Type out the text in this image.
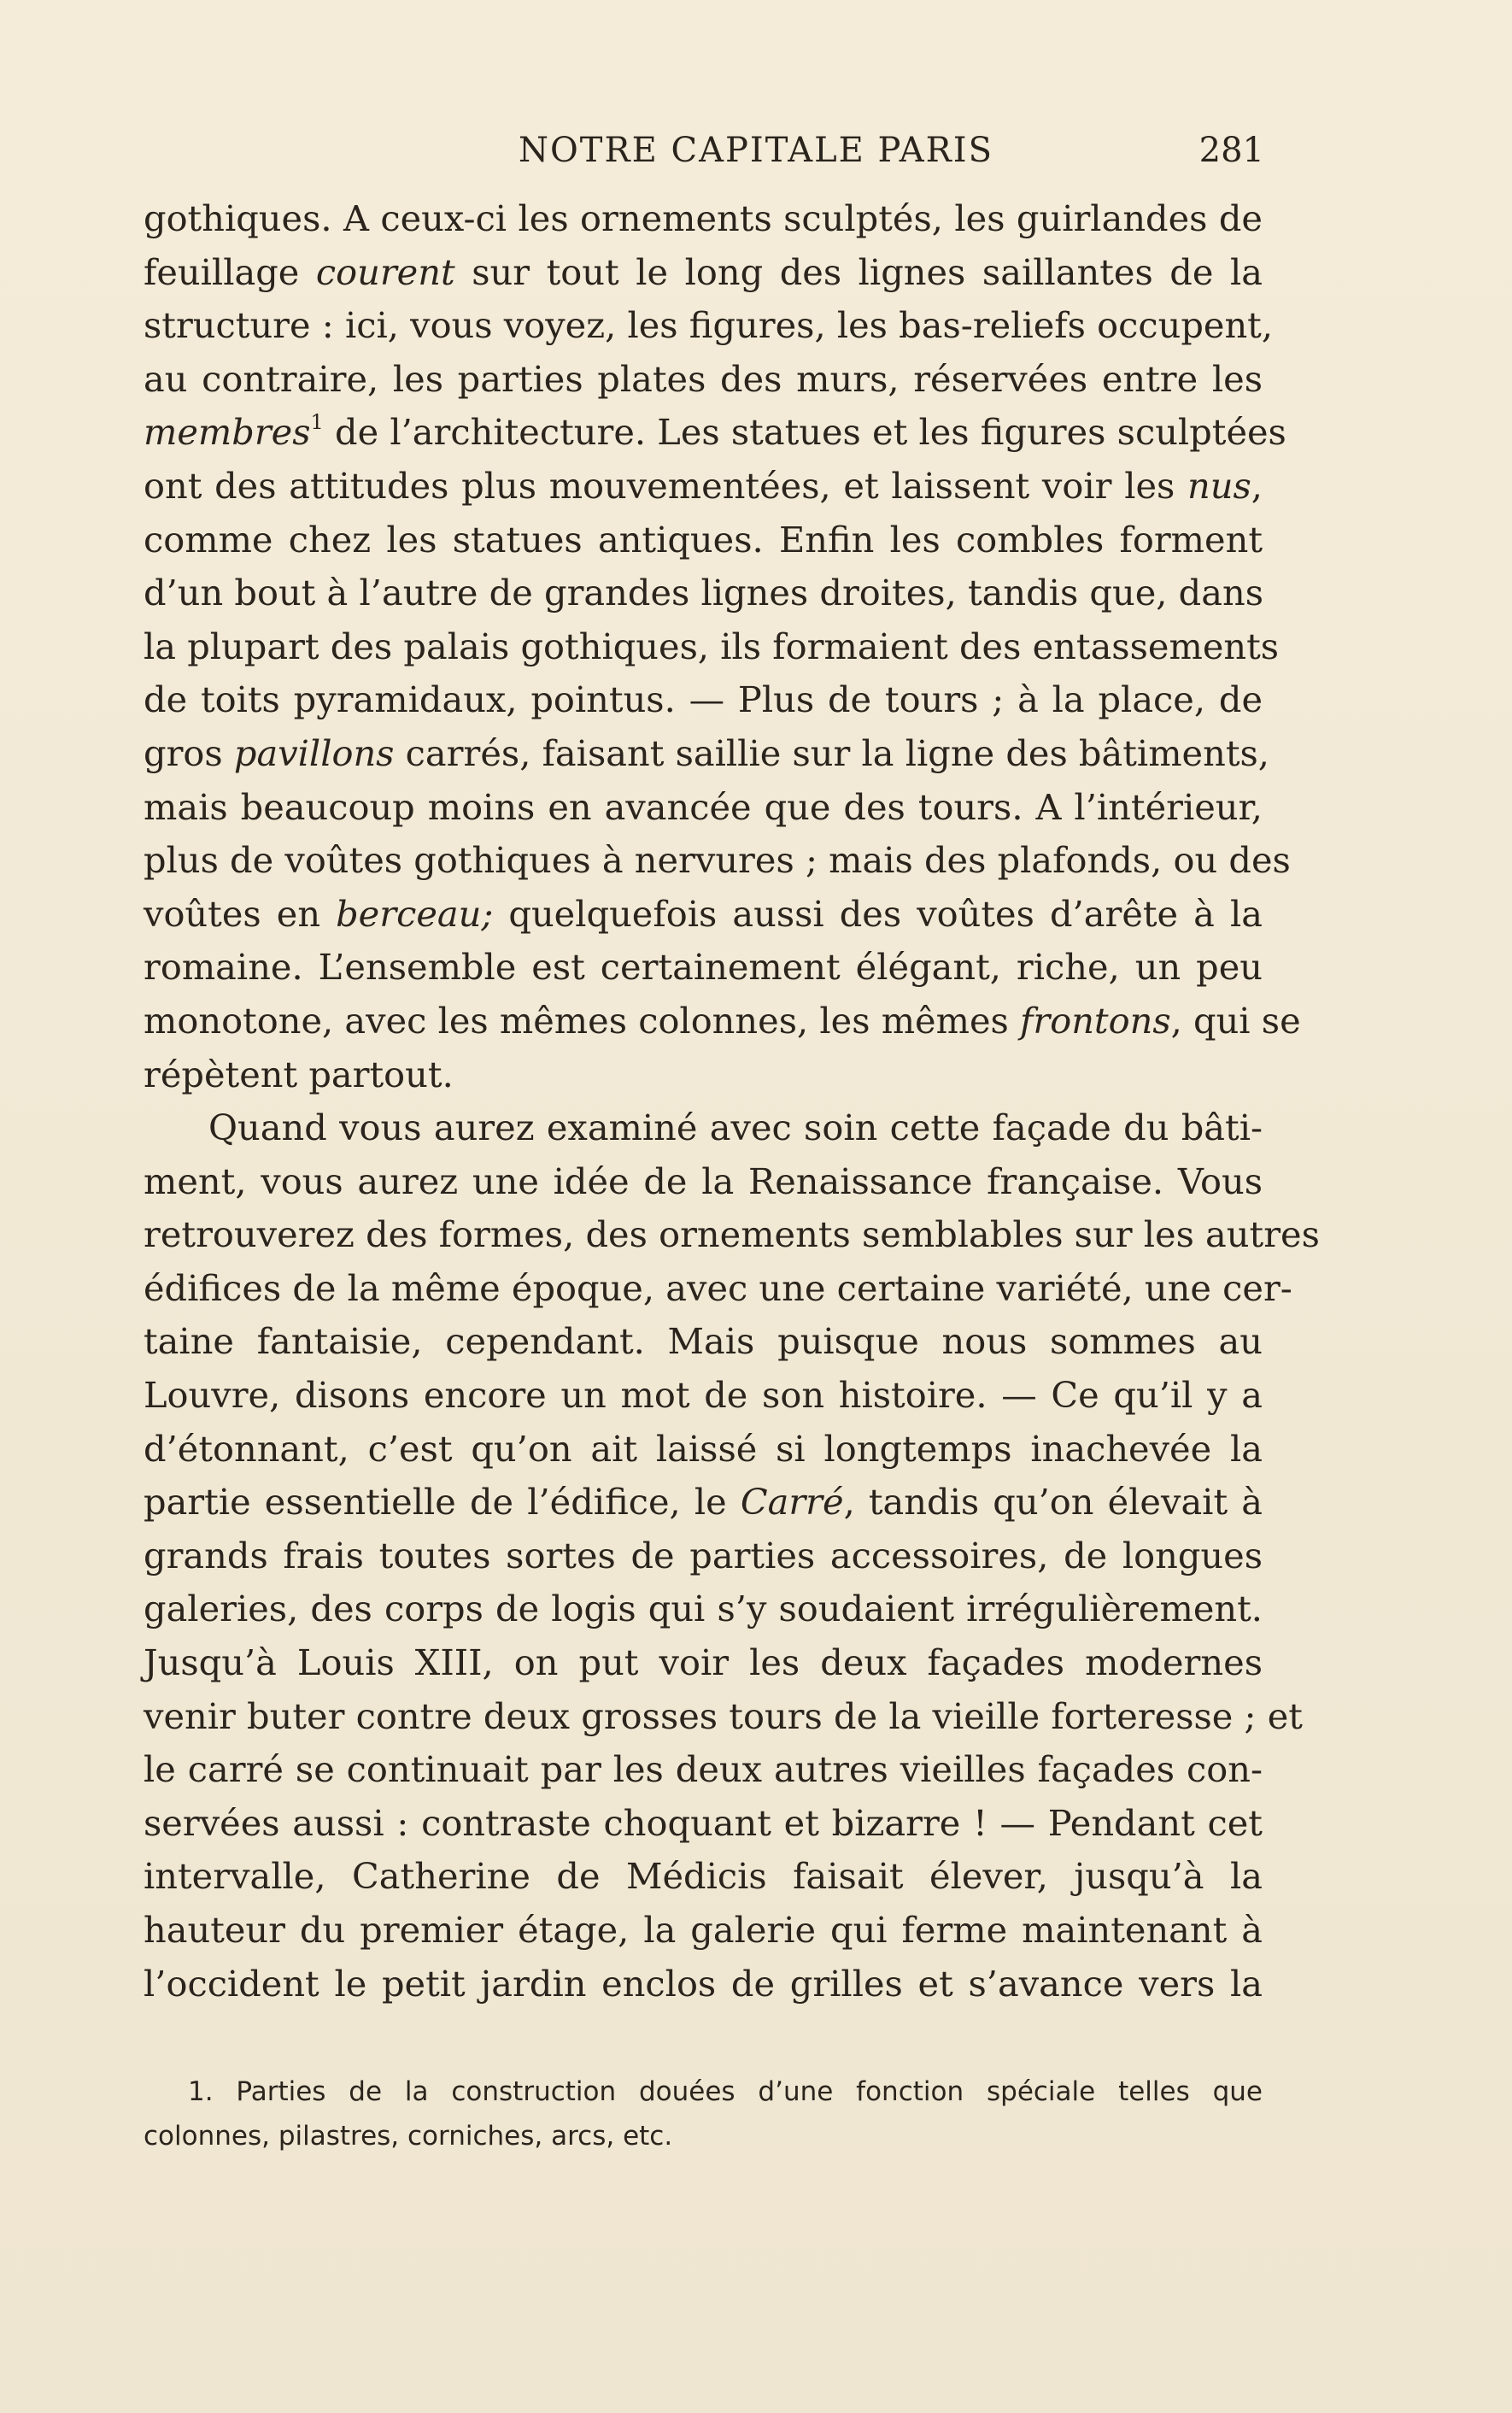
NOTRE CAPITALE PARIS	281
gothiques. A ceux-ci les ornements sculptés, les guirlandes de
feuillage courent sur tout le long des lignes saillantes de la
structure : ici, vous voyez, les figures, les bas-reliefs occupent,
au contraire, les parties plates des murs, réservées entre les
membres$^1$ de l’architecture. Les statues et les figures sculptées
ont des attitudes plus mouvementées, et laissent voir les nus,
comme chez les statues antiques. Enfin les combles forment
d’un bout à l’autre de grandes lignes droites, tandis que, dans
la plupart des palais gothiques, ils formaient des entassements
de toits pyramidaux, pointus. — Plus de tours ; à la place, de
gros pavillons carrés, faisant saillie sur la ligne des bâtiments,
mais beaucoup moins en avancée que des tours. A l’intérieur,
plus de voûtes gothiques à nervures ; mais des plafonds, ou des
voûtes en berceau; quelquefois aussi des voûtes d’arête à la
romaine. L’ensemble est certainement élégant, riche, un peu
monotone, avec les mêmes colonnes, les mêmes frontons, qui se
répètent partout.
Quand vous aurez examiné avec soin cette façade du bâti-
ment, vous aurez une idée de la Renaissance française. Vous
retrouverez des formes, des ornements semblables sur les autres
édifices de la même époque, avec une certaine variété, une cer-
taine fantaisie, cependant. Mais puisque nous sommes au
Louvre, disons encore un mot de son histoire. — Ce qu’il y a
d’étonnant, c’est qu’on ait laissé si longtemps inachevée la
partie essentielle de l’édifice, le Carré, tandis qu’on élevait à
grands frais toutes sortes de parties accessoires, de longues
galeries, des corps de logis qui s’y soudaient irrégulièrement.
Jusqu’à Louis XIII, on put voir les deux façades modernes
venir buter contre deux grosses tours de la vieille forteresse ; et
le carré se continuait par les deux autres vieilles façades con-
servées aussi : contraste choquant et bizarre ! — Pendant cet
intervalle, Catherine de Médicis faisait élever, jusqu’à la
hauteur du premier étage, la galerie qui ferme maintenant à
l’occident le petit jardin enclos de grilles et s’avance vers la
1. Parties de la construction douées d’une fonction spéciale telles que
colonnes, pilastres, corniches, arcs, etc.
